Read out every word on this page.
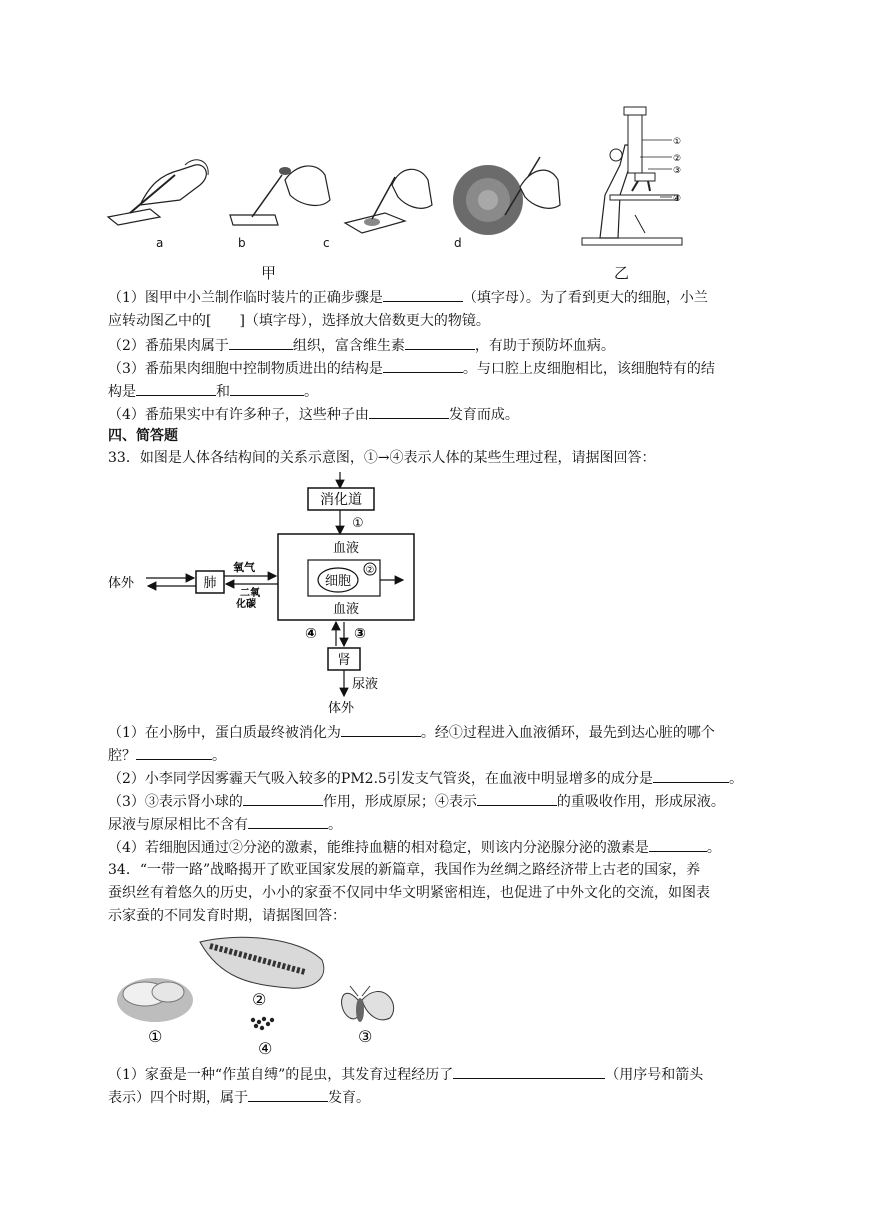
①
②
③
④
a	b	c	d
甲	乙
（1）图甲中小兰制作临时装片的正确步骤是	（填字母）。为了看到更大的细胞，小兰
应转动图乙中的[ ]（填字母），选择放大倍数更大的物镜。
（2）番茄果肉属于	组织，富含维生素	，有助于预防坏血病。
（3）番茄果肉细胞中控制物质进出的结构是	。与口腔上皮细胞相比，该细胞特有的结
构是	和	。
（4）番茄果实中有许多种子，这些种子由	发育而成。
四、简答题
33．如图是人体各结构间的关系示意图，①→④表示人体的某些生理过程，请据图回答：
消化道
①
血液
血液
细胞
②
肺
体外
氧气
二氧
化碳
④	③
肾
尿液
体外
（1）在小肠中，蛋白质最终被消化为	。经①过程进入血液循环，最先到达心脏的哪个
腔？	。
（2）小李同学因雾霾天气吸入较多的PM2.5引发支气管炎，在血液中明显增多的成分是	。
（3）③表示肾小球的	作用，形成原尿；④表示	的重吸收作用，形成尿液。
尿液与原尿相比不含有	。
（4）若细胞因通过②分泌的激素，能维持血糖的相对稳定，则该内分泌腺分泌的激素是	。
34．“一带一路”战略揭开了欧亚国家发展的新篇章，我国作为丝绸之路经济带上古老的国家，养
蚕织丝有着悠久的历史，小小的家蚕不仅同中华文明紧密相连，也促进了中外文化的交流，如图表
示家蚕的不同发育时期，请据图回答：
①
②
④
③
（1）家蚕是一种“作茧自缚”的昆虫，其发育过程经历了	（用序号和箭头
表示）四个时期，属于	发育。
